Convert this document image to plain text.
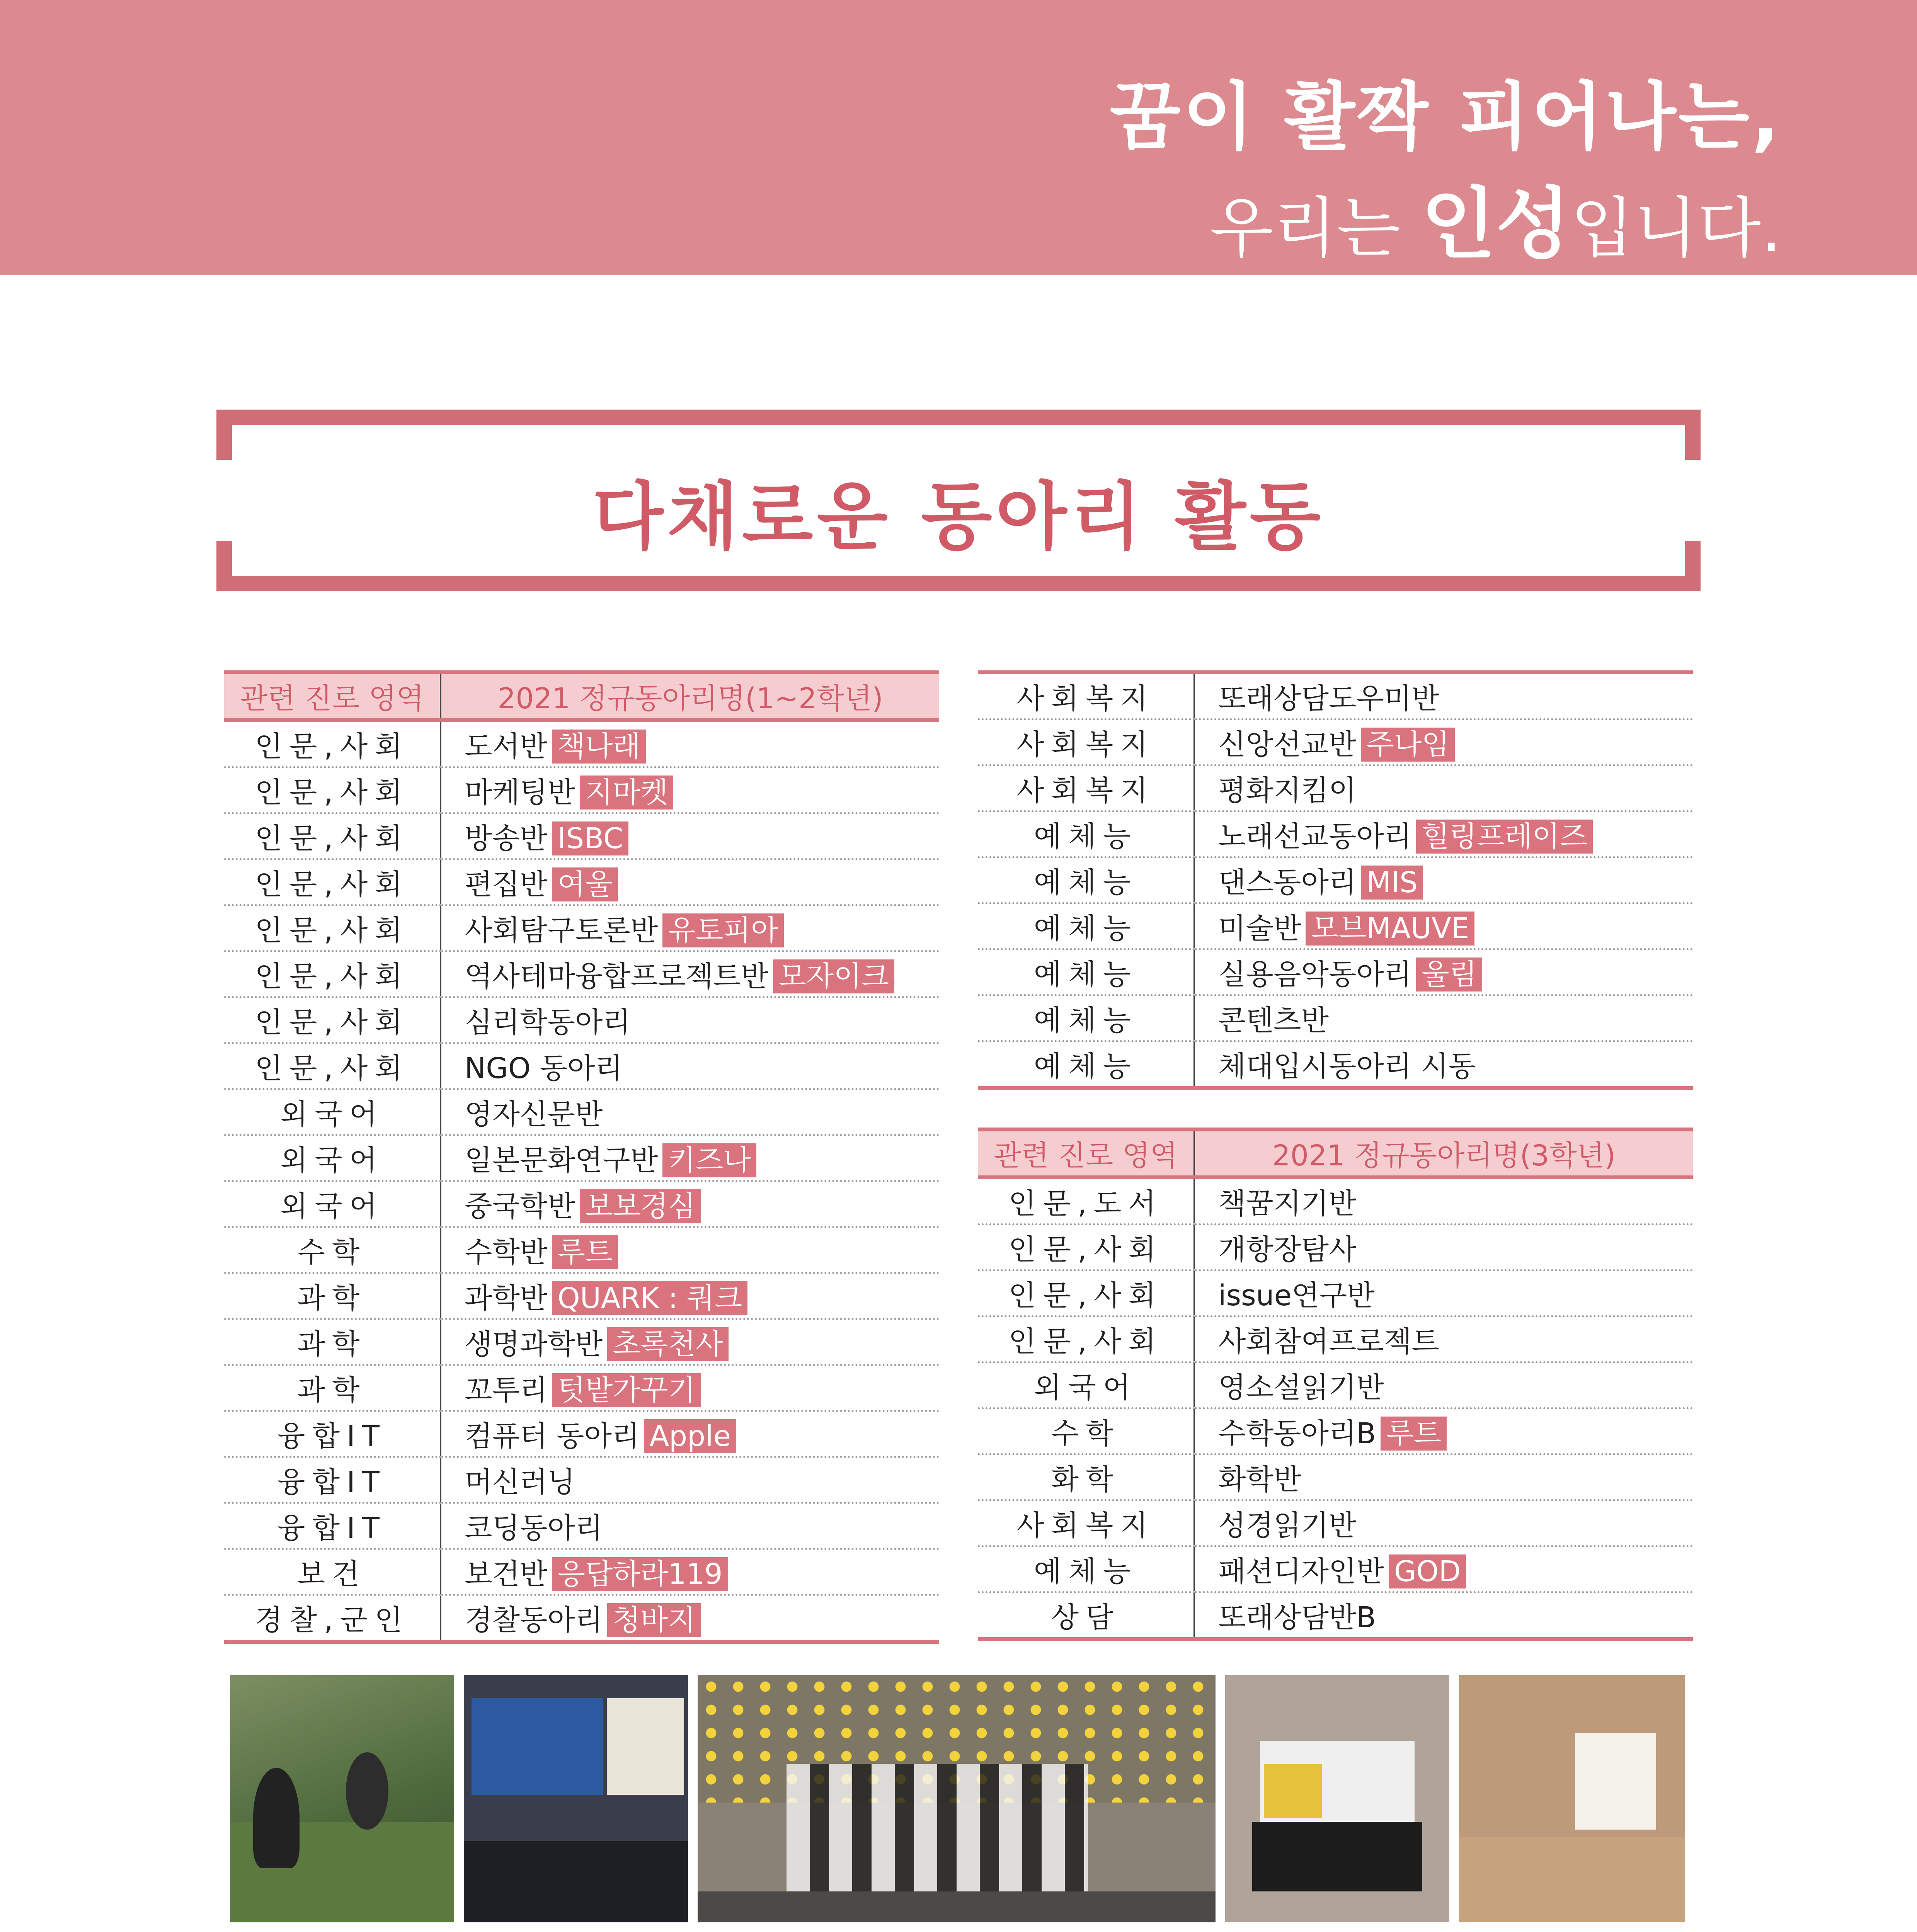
꿈이 활짝 피어나는,
우리는 인성입니다.
다채로운 동아리 활동
관련 진로 영역	2021 정규동아리명(1~2학년)
인문,사회	도서반 책나래
인문,사회	마케팅반 지마켓
인문,사회	방송반 ISBC
인문,사회	편집반 여울
인문,사회	사회탐구토론반 유토피아
인문,사회	역사테마융합프로젝트반 모자이크
인문,사회	심리학동아리
인문,사회	NGO 동아리
외국어	영자신문반
외국어	일본문화연구반 키즈나
외국어	중국학반 보보경심
수학	수학반 루트
과학	과학반 QUARK : 쿼크
과학	생명과학반 초록천사
과학	꼬투리 텃밭가꾸기
융합IT	컴퓨터 동아리 Apple
융합IT	머신러닝
융합IT	코딩동아리
보건	보건반 응답하라119
경찰,군인	경찰동아리 청바지
사회복지	또래상담도우미반
사회복지	신앙선교반 주나임
사회복지	평화지킴이
예체능	노래선교동아리 힐링프레이즈
예체능	댄스동아리 MIS
예체능	미술반 모브MAUVE
예체능	실용음악동아리 울림
예체능	콘텐츠반
예체능	체대입시동아리 시동
관련 진로 영역	2021 정규동아리명(3학년)
인문,도서	책꿈지기반
인문,사회	개항장탐사
인문,사회	issue연구반
인문,사회	사회참여프로젝트
외국어	영소설읽기반
수학	수학동아리B 루트
화학	화학반
사회복지	성경읽기반
예체능	패션디자인반 GOD
상담	또래상담반B
